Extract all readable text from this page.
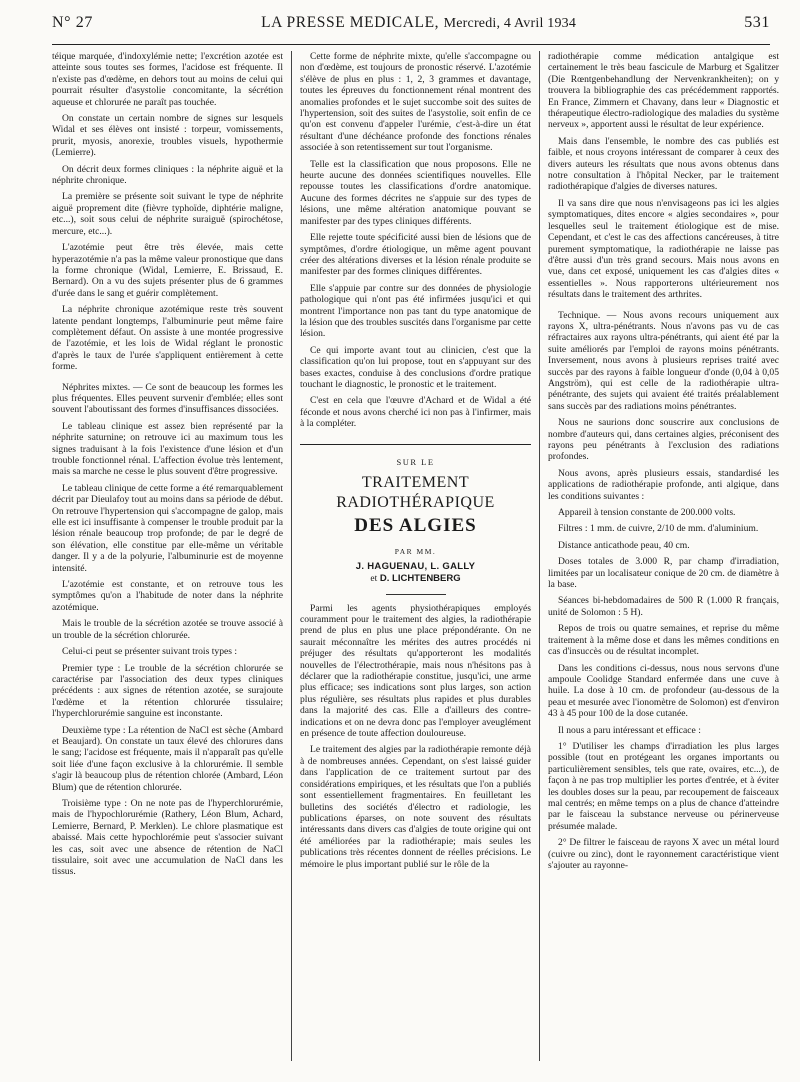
N° 27	LA PRESSE MEDICALE, Mercredi, 4 Avril 1934	531

téique marquée, d'indoxylémie nette; l'excrétion azotée est atteinte sous toutes ses formes, l'acidose est fréquente. Il n'existe pas d'œdème, en dehors tout au moins de celui qui pourrait résulter d'asystolie concomitante, la sécrétion aqueuse et chlorurée ne paraît pas touchée.

On constate un certain nombre de signes sur lesquels Widal et ses élèves ont insisté : torpeur, vomissements, prurit, myosis, anorexie, troubles visuels, hypothermie (Lemierre).

On décrit deux formes cliniques : la néphrite aiguë et la néphrite chronique.

La première se présente soit suivant le type de néphrite aiguë proprement dite (fièvre typhoïde, diphtérie maligne, etc...), soit sous celui de néphrite suraiguë (spirochétose, mercure, etc...).

L'azotémie peut être très élevée, mais cette hyperazotémie n'a pas la même valeur pronostique que dans la forme chronique (Widal, Lemierre, E. Brissaud, E. Bernard). On a vu des sujets présenter plus de 6 grammes d'urée dans le sang et guérir complètement.

La néphrite chronique azotémique reste très souvent latente pendant longtemps, l'albuminurie peut même faire complètement défaut. On assiste à une montée progressive de l'azotémie, et les lois de Widal réglant le pronostic d'après le taux de l'urée s'appliquent entièrement à cette forme.

Néphrites mixtes. — Ce sont de beaucoup les formes les plus fréquentes. Elles peuvent survenir d'emblée; elles sont souvent l'aboutissant des formes d'insuffisances dissociées.

Le tableau clinique est assez bien représenté par la néphrite saturnine; on retrouve ici au maximum tous les signes traduisant à la fois l'existence d'une lésion et d'un trouble fonctionnel rénal. L'affection évolue très lentement, mais sa marche ne cesse le plus souvent d'être progressive.

Le tableau clinique de cette forme a été remarquablement décrit par Dieulafoy tout au moins dans sa période de début. On retrouve l'hypertension qui s'accompagne de galop, mais elle est ici insuffisante à compenser le trouble produit par la lésion rénale beaucoup trop profonde; de par le degré de son élévation, elle constitue par elle-même un véritable danger. Il y a de la polyurie, l'albuminurie est de moyenne intensité.

L'azotémie est constante, et on retrouve tous les symptômes qu'on a l'habitude de noter dans la néphrite azotémique.

Mais le trouble de la sécrétion azotée se trouve associé à un trouble de la sécrétion chlorurée.

Celui-ci peut se présenter suivant trois types :

Premier type : Le trouble de la sécrétion chlorurée se caractérise par l'association des deux types cliniques précédents : aux signes de rétention azotée, se surajoute l'œdème et la rétention chlorurée tissulaire; l'hyperchlorurémie sanguine est inconstante.

Deuxième type : La rétention de NaCl est sèche (Ambard et Beaujard). On constate un taux élevé des chlorures dans le sang; l'acidose est fréquente, mais il n'apparaît pas qu'elle soit liée d'une façon exclusive à la chlorurémie. Il semble s'agir là beaucoup plus de rétention chlorée (Ambard, Léon Blum) que de rétention chlorurée.

Troisième type : On ne note pas de l'hyperchlorurémie, mais de l'hypochlorurémie (Rathery, Léon Blum, Achard, Lemierre, Bernard, P. Merklen). Le chlore plasmatique est abaissé. Mais cette hypochlorémie peut s'associer suivant les cas, soit avec une absence de rétention de NaCl tissulaire, soit avec une accumulation de NaCl dans les tissus.

Cette forme de néphrite mixte, qu'elle s'accompagne ou non d'œdème, est toujours de pronostic réservé. L'azotémie s'élève de plus en plus : 1, 2, 3 grammes et davantage, toutes les épreuves du fonctionnement rénal montrent des anomalies profondes et le sujet succombe soit des suites de l'hypertension, soit des suites de l'asystolie, soit enfin de ce qu'on est convenu d'appeler l'urémie, c'est-à-dire un état résultant d'une déchéance profonde des fonctions rénales associée à son retentissement sur tout l'organisme.

Telle est la classification que nous proposons. Elle ne heurte aucune des données scientifiques nouvelles. Elle repousse toutes les classifications d'ordre anatomique. Aucune des formes décrites ne s'appuie sur des types de lésions, une même altération anatomique pouvant se manifester par des types cliniques différents.

Elle rejette toute spécificité aussi bien de lésions que de symptômes, d'ordre étiologique, un même agent pouvant créer des altérations diverses et la lésion rénale produite se manifester par des formes cliniques différentes.

Elle s'appuie par contre sur des données de physiologie pathologique qui n'ont pas été infirmées jusqu'ici et qui montrent l'importance non pas tant du type anatomique de la lésion que des troubles suscités dans l'organisme par cette lésion.

Ce qui importe avant tout au clinicien, c'est que la classification qu'on lui propose, tout en s'appuyant sur des bases exactes, conduise à des conclusions d'ordre pratique touchant le diagnostic, le pronostic et le traitement.

C'est en cela que l'œuvre d'Achard et de Widal a été féconde et nous avons cherché ici non pas à l'infirmer, mais à la compléter.

SUR LE
TRAITEMENT RADIOTHÉRAPIQUE
DES ALGIES
PAR MM.
J. HAGUENAU, L. GALLY
et D. LICHTENBERG

Parmi les agents physiothérapiques employés couramment pour le traitement des algies, la radiothérapie prend de plus en plus une place prépondérante. On ne saurait méconnaître les mérites des autres procédés ni préjuger des résultats qu'apporteront les modalités nouvelles de l'électrothérapie, mais nous n'hésitons pas à déclarer que la radiothérapie constitue, jusqu'ici, une arme plus efficace; ses indications sont plus larges, son action plus régulière, ses résultats plus rapides et plus durables dans la majorité des cas. Elle a d'ailleurs des contre-indications et on ne devra donc pas l'employer aveuglément en présence de toute affection douloureuse.

Le traitement des algies par la radiothérapie remonte déjà à de nombreuses années. Cependant, on s'est laissé guider dans l'application de ce traitement surtout par des considérations empiriques, et les résultats que l'on a publiés sont essentiellement fragmentaires. En feuilletant les bulletins des sociétés d'électro et radiologie, les publications éparses, on note souvent des résultats intéressants dans divers cas d'algies de toute origine qui ont été améliorées par la radiothérapie; mais seules les publications très récentes donnent de réelles précisions. Le mémoire le plus important publié sur le rôle de la

radiothérapie comme médication antalgique est certainement le très beau fascicule de Marburg et Sgalitzer (Die Rœntgenbehandlung der Nervenkrankheiten); on y trouvera la bibliographie des cas précédemment rapportés. En France, Zimmern et Chavany, dans leur « Diagnostic et thérapeutique électro-radiologique des maladies du système nerveux », apportent aussi le résultat de leur expérience.

Mais dans l'ensemble, le nombre des cas publiés est faible, et nous croyons intéressant de comparer à ceux des divers auteurs les résultats que nous avons obtenus dans notre consultation à l'hôpital Necker, par le traitement radiothérapique d'algies de diverses natures.

Il va sans dire que nous n'envisageons pas ici les algies symptomatiques, dites encore « algies secondaires », pour lesquelles seul le traitement étiologique est de mise. Cependant, et c'est le cas des affections cancéreuses, à titre purement symptomatique, la radiothérapie ne laisse pas d'être aussi d'un très grand secours. Mais nous avons en vue, dans cet exposé, uniquement les cas d'algies dites « essentielles ». Nous rapporterons ultérieurement nos résultats dans le traitement des arthrites.

Technique. — Nous avons recours uniquement aux rayons X, ultra-pénétrants. Nous n'avons pas vu de cas réfractaires aux rayons ultra-pénétrants, qui aient été par la suite améliorés par l'emploi de rayons moins pénétrants. Inversement, nous avons à plusieurs reprises traité avec succès par des rayons à faible longueur d'onde (0,04 à 0,05 Angström), qui est celle de la radiothérapie ultra-pénétrante, des sujets qui avaient été traités préalablement sans succès par des radiations moins pénétrantes.

Nous ne saurions donc souscrire aux conclusions de nombre d'auteurs qui, dans certaines algies, préconisent des rayons peu pénétrants à l'exclusion des radiations profondes.

Nous avons, après plusieurs essais, standardisé les applications de radiothérapie profonde, anti algique, dans les conditions suivantes :

Appareil à tension constante de 200.000 volts.

Filtres : 1 mm. de cuivre, 2/10 de mm. d'aluminium.

Distance anticathode peau, 40 cm.

Doses totales de 3.000 R, par champ d'irradiation, limitées par un localisateur conique de 20 cm. de diamètre à la base.

Séances bi-hebdomadaires de 500 R (1.000 R français, unité de Solomon : 5 H).

Repos de trois ou quatre semaines, et reprise du même traitement à la même dose et dans les mêmes conditions en cas d'insuccès ou de résultat incomplet.

Dans les conditions ci-dessus, nous nous servons d'une ampoule Coolidge Standard enfermée dans une cuve à huile. La dose à 10 cm. de profondeur (au-dessous de la peau et mesurée avec l'ionomètre de Solomon) est d'environ 43 à 45 pour 100 de la dose cutanée.

Il nous a paru intéressant et efficace :

1° D'utiliser les champs d'irradiation les plus larges possible (tout en protégeant les organes importants ou particulièrement sensibles, tels que rate, ovaires, etc...), de façon à ne pas trop multiplier les portes d'entrée, et à éviter les doubles doses sur la peau, par recoupement de faisceaux mal centrés; en même temps on a plus de chance d'atteindre par le faisceau la substance nerveuse ou périnerveuse présumée malade.

2° De filtrer le faisceau de rayons X avec un métal lourd (cuivre ou zinc), dont le rayonnement caractéristique vient s'ajouter au rayonne-
